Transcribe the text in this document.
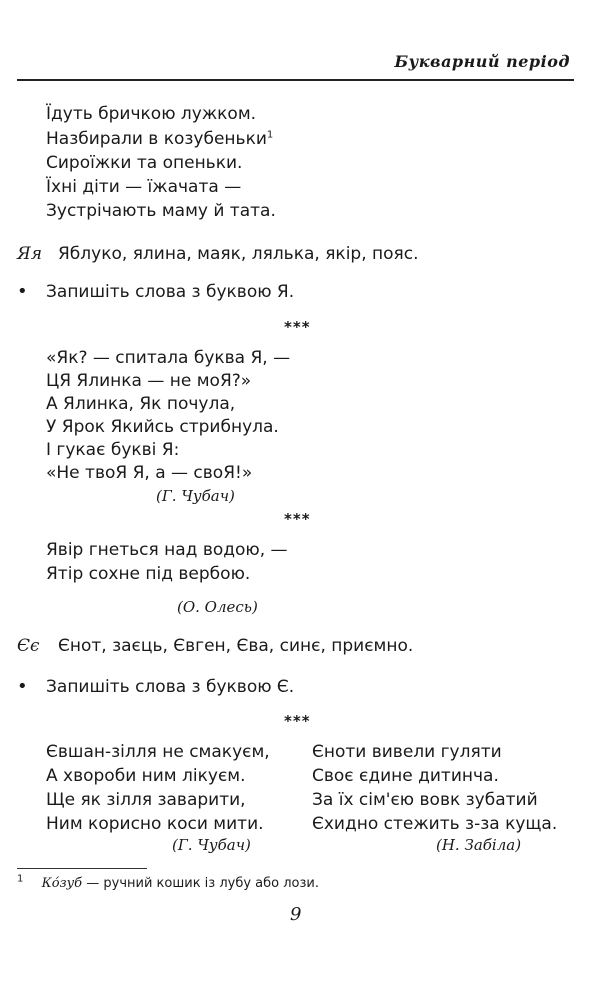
Букварний період
Їдуть бричкою лужком.
Назбирали в козубеньки$^1$
Сироїжки та опеньки.
Їхні діти — їжачата —
Зустрічають маму й тата.
Яя Яблуко, ялина, маяк, лялька, якір, пояс.
• Запишіть слова з буквою Я.
***
«Як? — спитала буква Я, —
ЦЯ Ялинка — не моЯ?»
А Ялинка, Як почула,
У Ярок Якийсь стрибнула.
І гукає букві Я:
«Не твоЯ Я, а — своЯ!»
(Г. Чубач)
***
Явір гнеться над водою, —
Ятір сохне під вербою.
(О. Олесь)
Єє Єнот, заєць, Євген, Єва, синє, приємно.
• Запишіть слова з буквою Є.
***
Євшан-зілля не смакуєм,
А хвороби ним лікуєм.
Ще як зілля заварити,
Ним корисно коси мити.
(Г. Чубач)
Єноти вивели гуляти
Своє єдине дитинча.
За їх сім'єю вовк зубатий
Єхидно стежить з-за куща.
(Н. Забіла)
$^1$ Ко́зуб — ручний кошик із лубу або лози.
9
